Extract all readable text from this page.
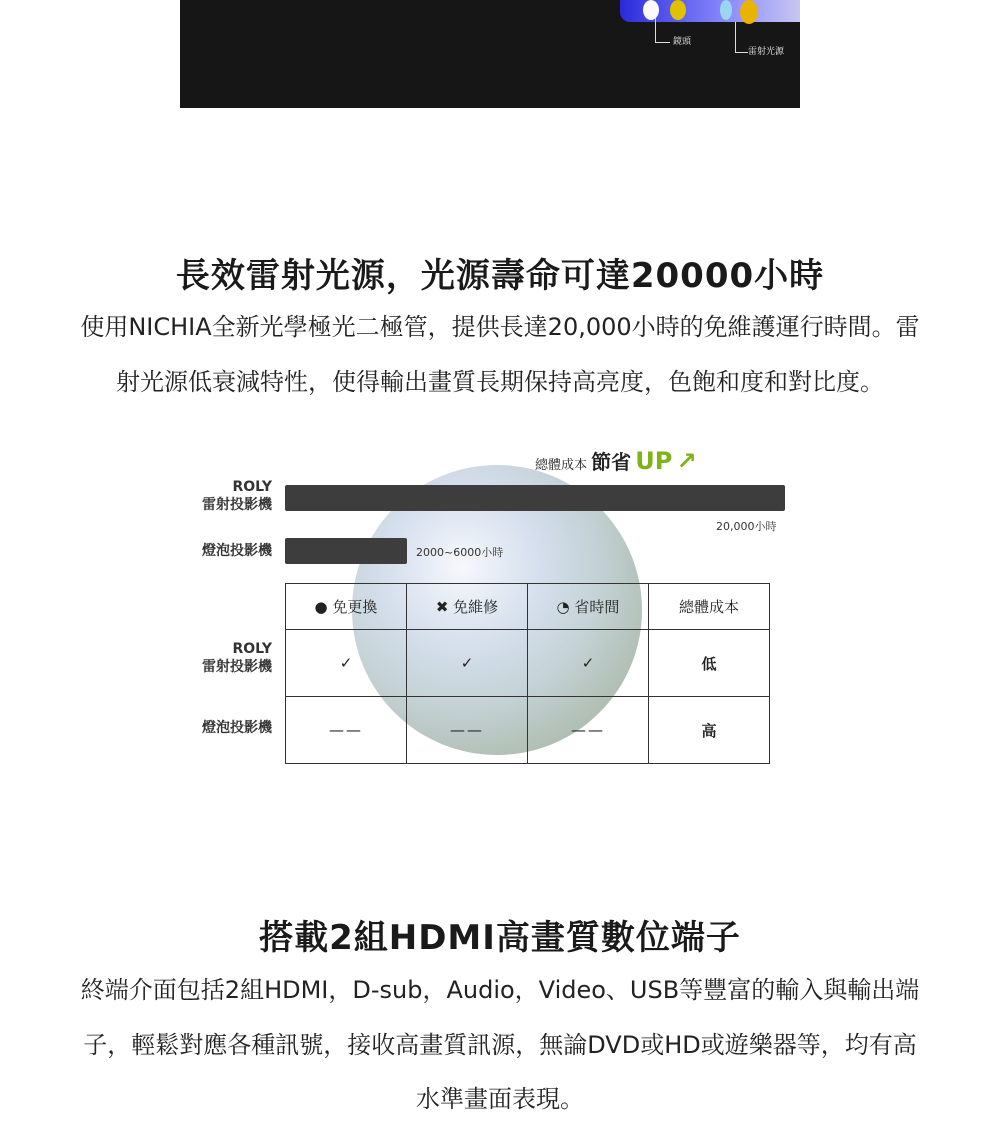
鏡頭
雷射光源
長效雷射光源，光源壽命可達20000小時

使用NICHIA全新光學極光二極管，提供長達20,000小時的免維護運行時間。雷

射光源低衰減特性，使得輸出畫質長期保持高亮度，色飽和度和對比度。

總體成本 節省 UP ↗
ROLY
雷射投影機
20,000小時
燈泡投影機	2000~6000小時
ROLY
雷射投影機
燈泡投影機
● 免更換	✖ 免維修	◔ 省時間	總體成本
✓	✓	✓	低
——	——	——	高
搭載2組HDMI高畫質數位端子

終端介面包括2組HDMI，D-sub，Audio，Video、USB等豐富的輸入與輸出端

子，輕鬆對應各種訊號，接收高畫質訊源，無論DVD或HD或遊樂器等，均有高

水準畫面表現。
